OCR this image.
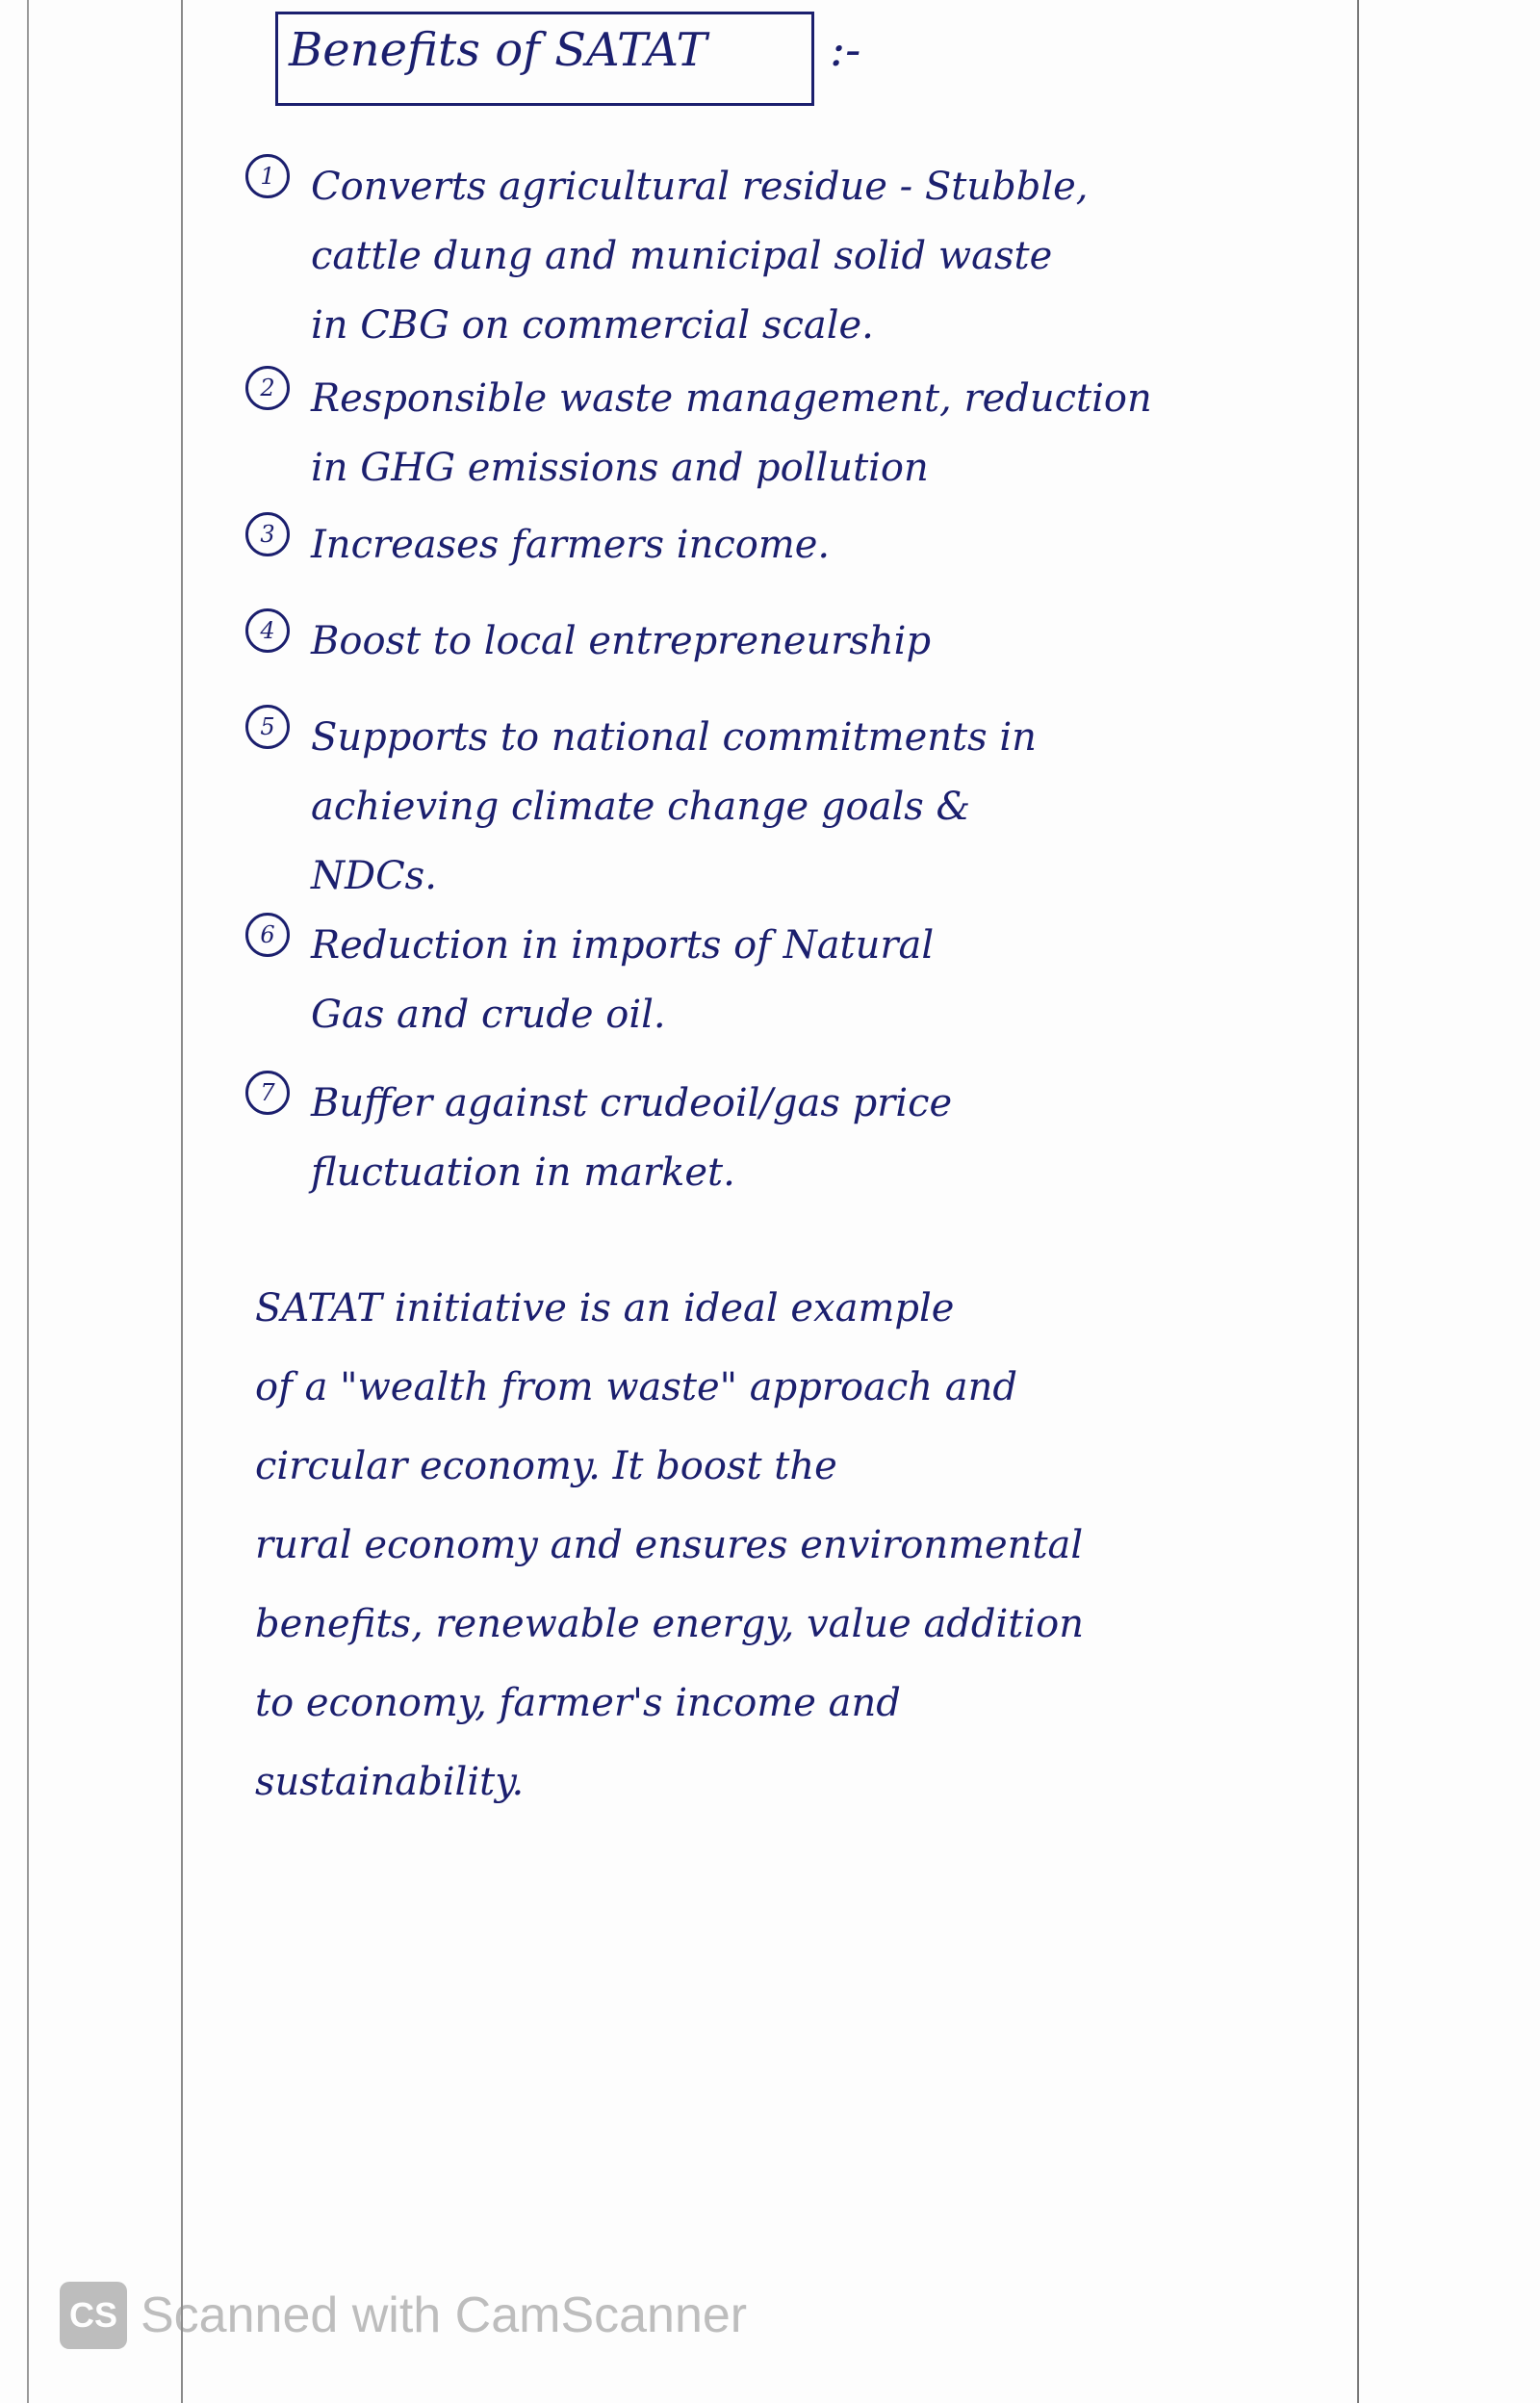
Benefits of SATAT	:-
1 Converts agricultural residue - Stubble,
cattle dung and municipal solid waste
in CBG on commercial scale.
2 Responsible waste management, reduction
in GHG emissions and pollution
3 Increases farmers income.
4 Boost to local entrepreneurship
5 Supports to national commitments in
achieving climate change goals &
NDCs.
6 Reduction in imports of Natural
Gas and crude oil.
7 Buffer against crudeoil/gas price
fluctuation in market.
SATAT initiative is an ideal example
of a "wealth from waste" approach and
circular economy. It boost the
rural economy and ensures environmental
benefits, renewable energy, value addition
to economy, farmer's income and
sustainability.
CS Scanned with CamScanner
